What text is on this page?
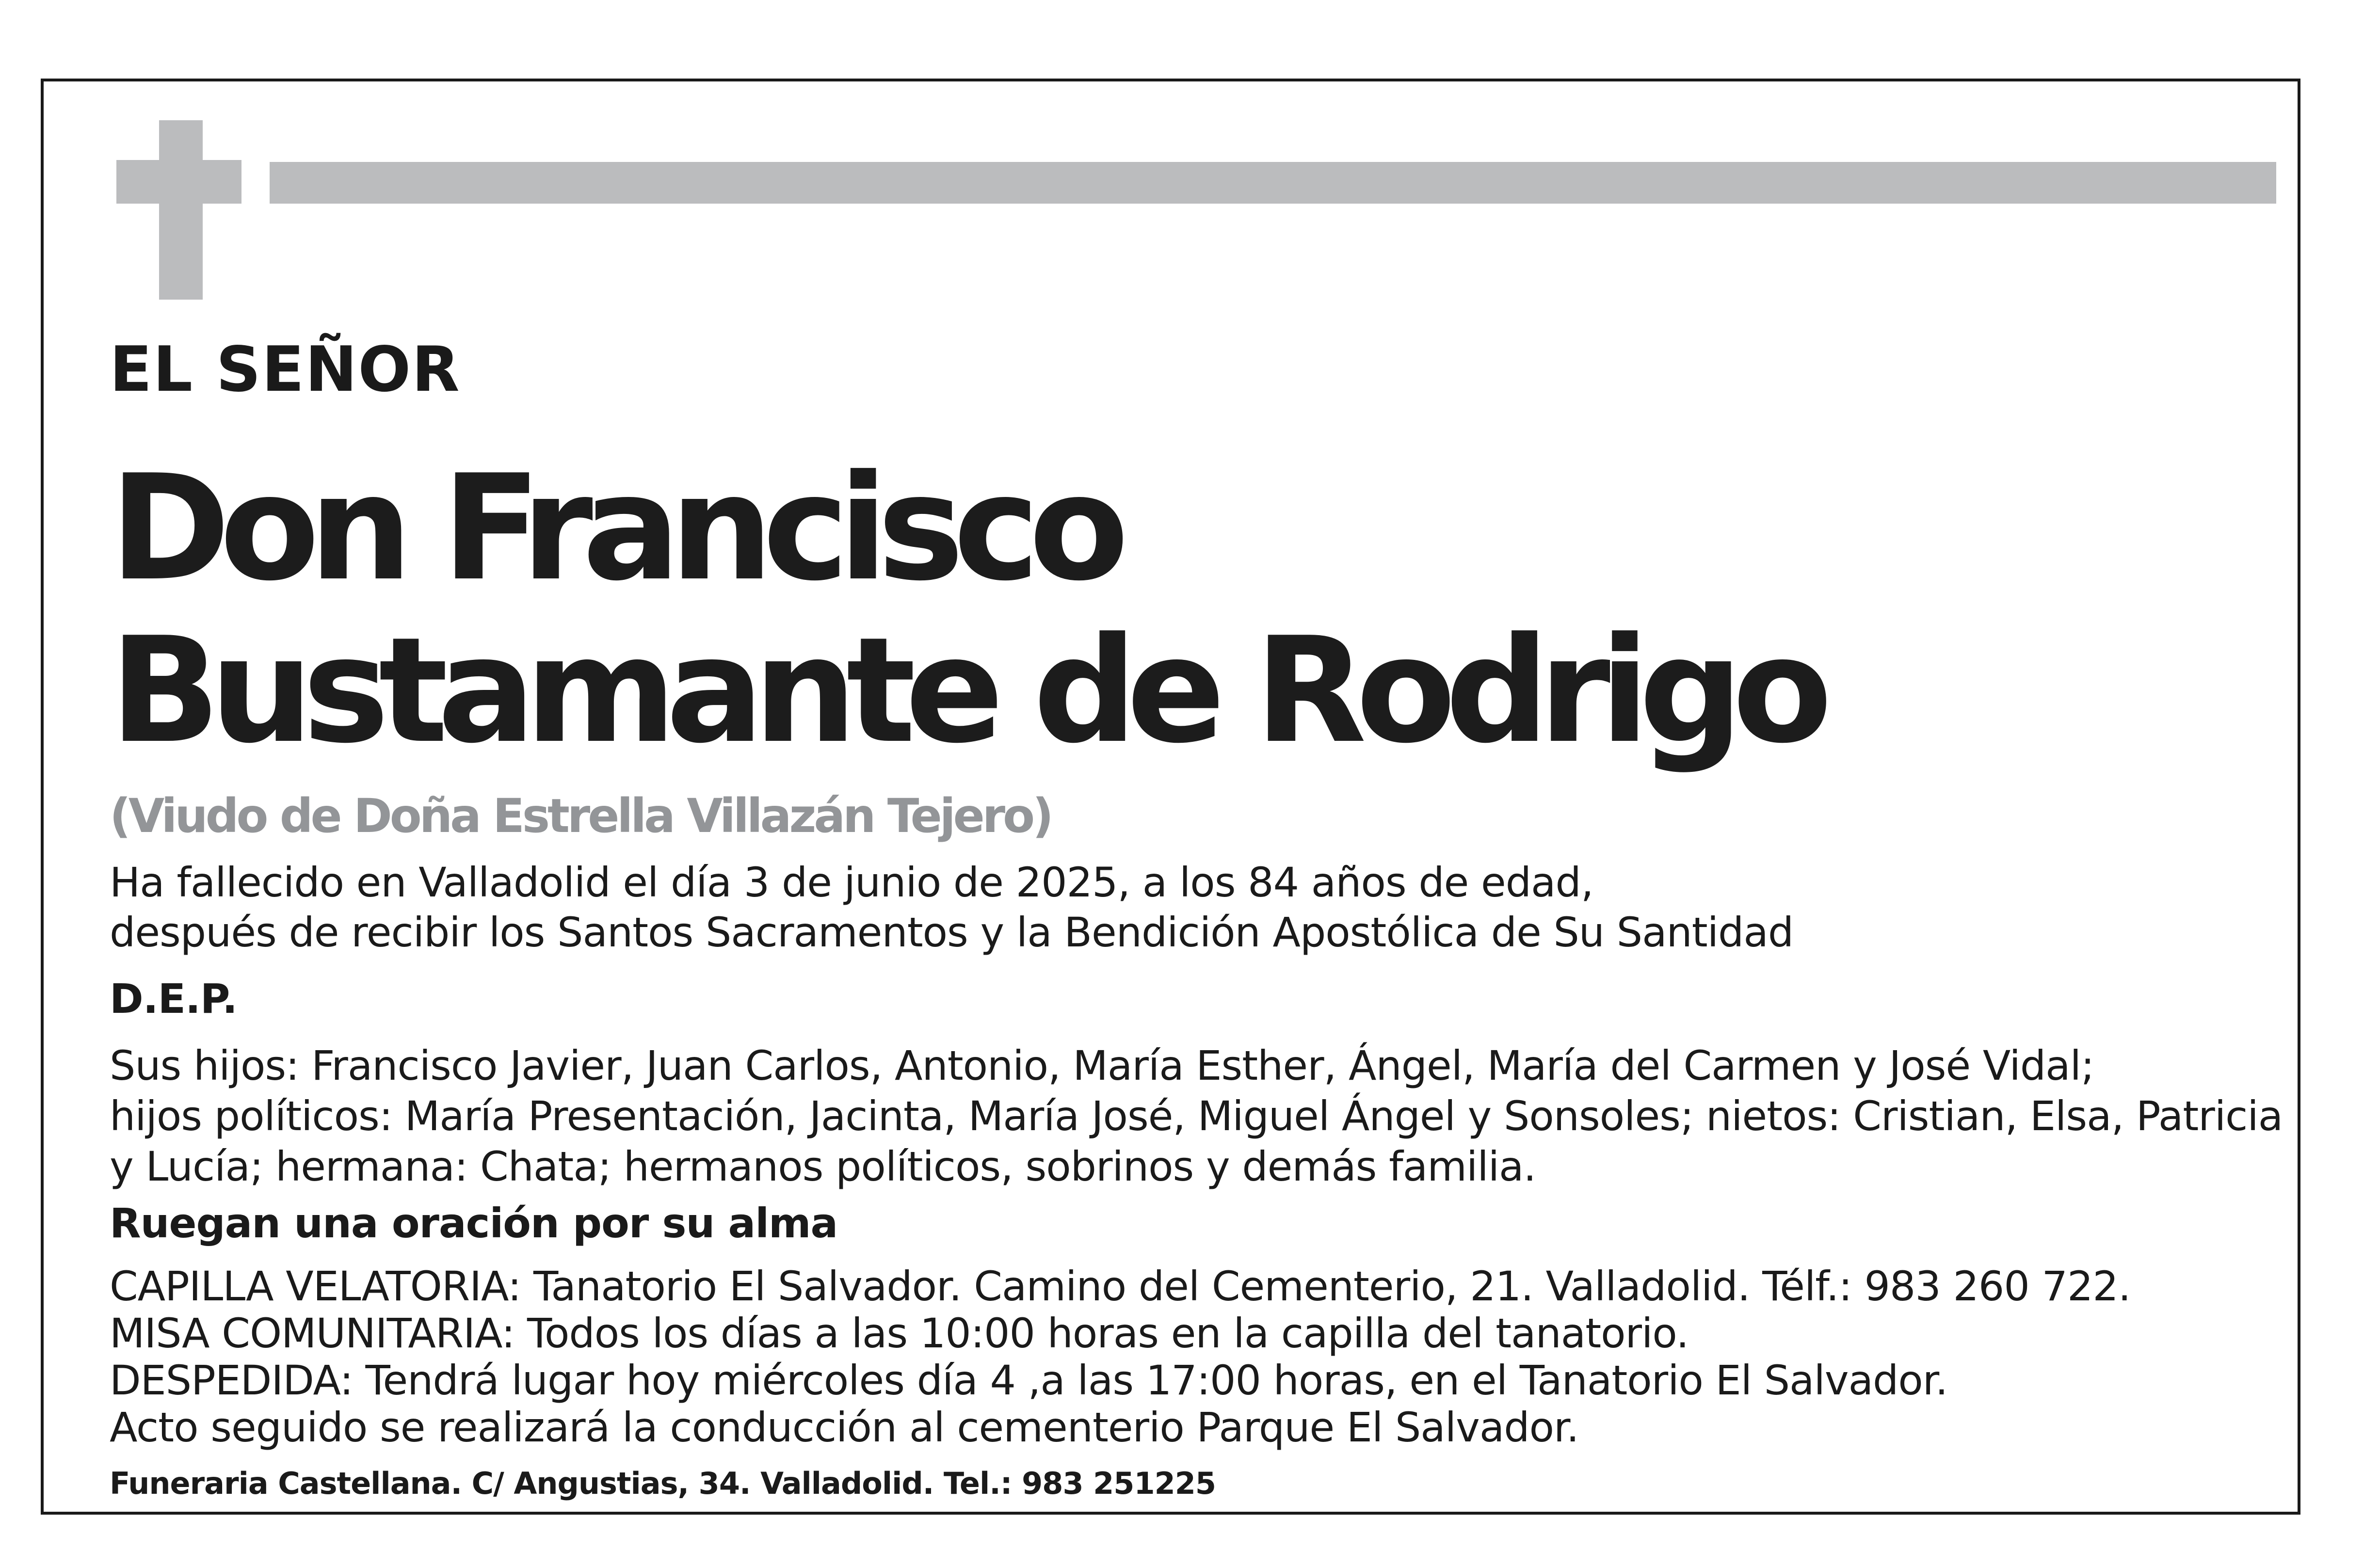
EL SEÑOR

Don Francisco

Bustamante de Rodrigo

(Viudo de Doña Estrella Villazán Tejero)

Ha fallecido en Valladolid el día 3 de junio de 2025, a los 84 años de edad,

después de recibir los Santos Sacramentos y la Bendición Apostólica de Su Santidad

D.E.P.

Sus hijos: Francisco Javier, Juan Carlos, Antonio, María Esther, Ángel, María del Carmen y José Vidal;

hijos políticos: María Presentación, Jacinta, María José, Miguel Ángel y Sonsoles; nietos: Cristian, Elsa, Patricia

y Lucía; hermana: Chata; hermanos políticos, sobrinos y demás familia.

Ruegan una oración por su alma

CAPILLA VELATORIA: Tanatorio El Salvador. Camino del Cementerio, 21. Valladolid. Télf.: 983 260 722.

MISA COMUNITARIA: Todos los días a las 10:00 horas en la capilla del tanatorio.

DESPEDIDA: Tendrá lugar hoy miércoles día 4 ,a las 17:00 horas, en el Tanatorio El Salvador.

Acto seguido se realizará la conducción al cementerio Parque El Salvador.

Funeraria Castellana. C/ Angustias, 34. Valladolid. Tel.: 983 251225
